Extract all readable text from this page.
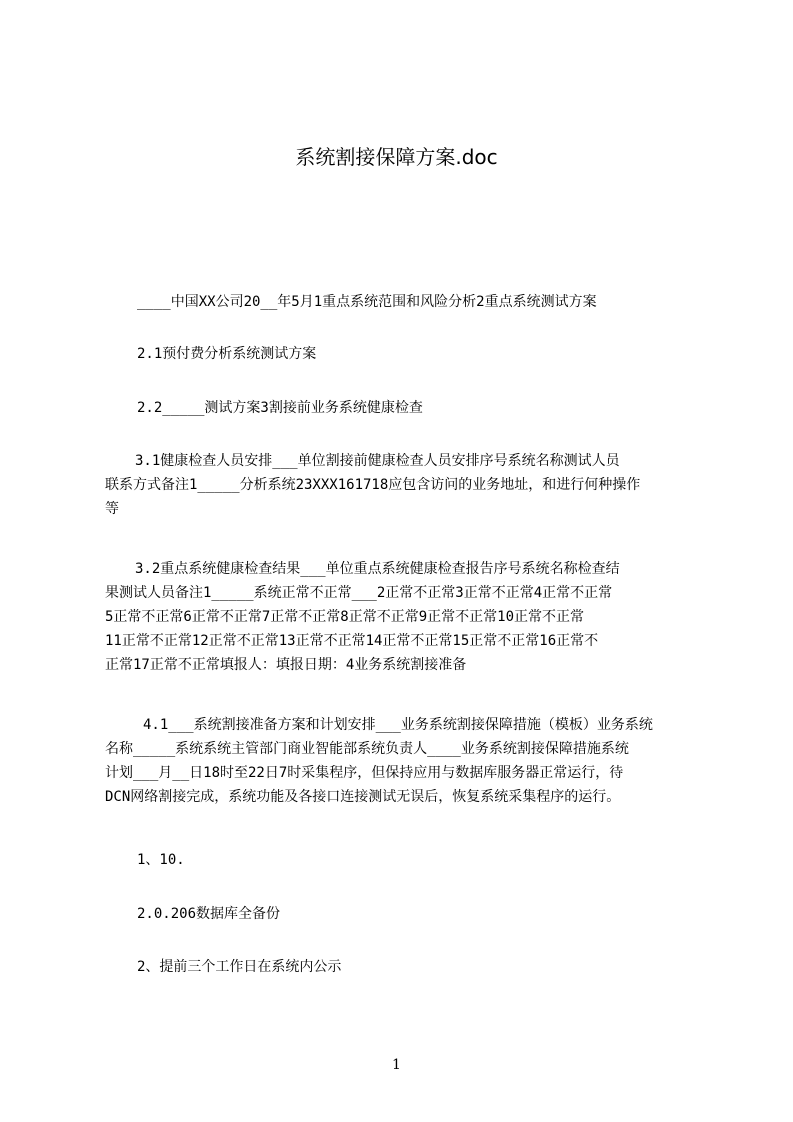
系统割接保障方案.doc
____中国XX公司20__年5月1重点系统范围和风险分析2重点系统测试方案
2.1预付费分析系统测试方案
2.2_____测试方案3割接前业务系统健康检查
3.1健康检查人员安排___单位割接前健康检查人员安排序号系统名称测试人员
联系方式备注1_____分析系统23XXX161718应包含访问的业务地址，和进行何种操作
等
3.2重点系统健康检查结果___单位重点系统健康检查报告序号系统名称检查结
果测试人员备注1_____系统正常不正常___2正常不正常3正常不正常4正常不正常
5正常不正常6正常不正常7正常不正常8正常不正常9正常不正常10正常不正常
11正常不正常12正常不正常13正常不正常14正常不正常15正常不正常16正常不
正常17正常不正常填报人：填报日期：4业务系统割接准备
4.1___系统割接准备方案和计划安排___业务系统割接保障措施（模板）业务系统
名称_____系统系统主管部门商业智能部系统负责人____业务系统割接保障措施系统
计划___月__日18时至22日7时采集程序，但保持应用与数据库服务器正常运行，待
DCN网络割接完成，系统功能及各接口连接测试无误后，恢复系统采集程序的运行。
1、10.
2.0.206数据库全备份
2、提前三个工作日在系统内公示
1
